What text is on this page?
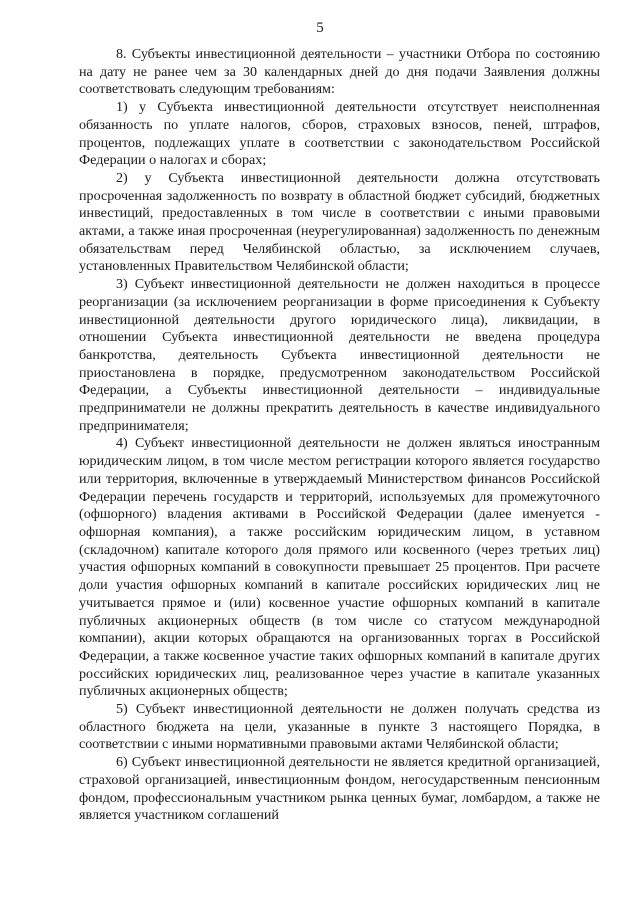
5

8. Субъекты инвестиционной деятельности – участники Отбора по состоянию на дату не ранее чем за 30 календарных дней до дня подачи Заявления должны соответствовать следующим требованиям:

1) у Субъекта инвестиционной деятельности отсутствует неисполненная обязанность по уплате налогов, сборов, страховых взносов, пеней, штрафов, процентов, подлежащих уплате в соответствии с законодательством Российской Федерации о налогах и сборах;

2) у Субъекта инвестиционной деятельности должна отсутствовать просроченная задолженность по возврату в областной бюджет субсидий, бюджетных инвестиций, предоставленных в том числе в соответствии с иными правовыми актами, а также иная просроченная (неурегулированная) задолженность по денежным обязательствам перед Челябинской областью, за исключением случаев, установленных Правительством Челябинской области;

3) Субъект инвестиционной деятельности не должен находиться в процессе реорганизации (за исключением реорганизации в форме присоединения к Субъекту инвестиционной деятельности другого юридического лица), ликвидации, в отношении Субъекта инвестиционной деятельности не введена процедура банкротства, деятельность Субъекта инвестиционной деятельности не приостановлена в порядке, предусмотренном законодательством Российской Федерации, а Субъекты инвестиционной деятельности – индивидуальные предприниматели не должны прекратить деятельность в качестве индивидуального предпринимателя;

4) Субъект инвестиционной деятельности не должен являться иностранным юридическим лицом, в том числе местом регистрации которого является государство или территория, включенные в утверждаемый Министерством финансов Российской Федерации перечень государств и территорий, используемых для промежуточного (офшорного) владения активами в Российской Федерации (далее именуется - офшорная компания), а также российским юридическим лицом, в уставном (складочном) капитале которого доля прямого или косвенного (через третьих лиц) участия офшорных компаний в совокупности превышает 25 процентов. При расчете доли участия офшорных компаний в капитале российских юридических лиц не учитывается прямое и (или) косвенное участие офшорных компаний в капитале публичных акционерных обществ (в том числе со статусом международной компании), акции которых обращаются на организованных торгах в Российской Федерации, а также косвенное участие таких офшорных компаний в капитале других российских юридических лиц, реализованное через участие в капитале указанных публичных акционерных обществ;

5) Субъект инвестиционной деятельности не должен получать средства из областного бюджета на цели, указанные в пункте 3 настоящего Порядка, в соответствии с иными нормативными правовыми актами Челябинской области;

6) Субъект инвестиционной деятельности не является кредитной организацией, страховой организацией, инвестиционным фондом, негосударственным пенсионным фондом, профессиональным участником рынка ценных бумаг, ломбардом, а также не является участником соглашений
